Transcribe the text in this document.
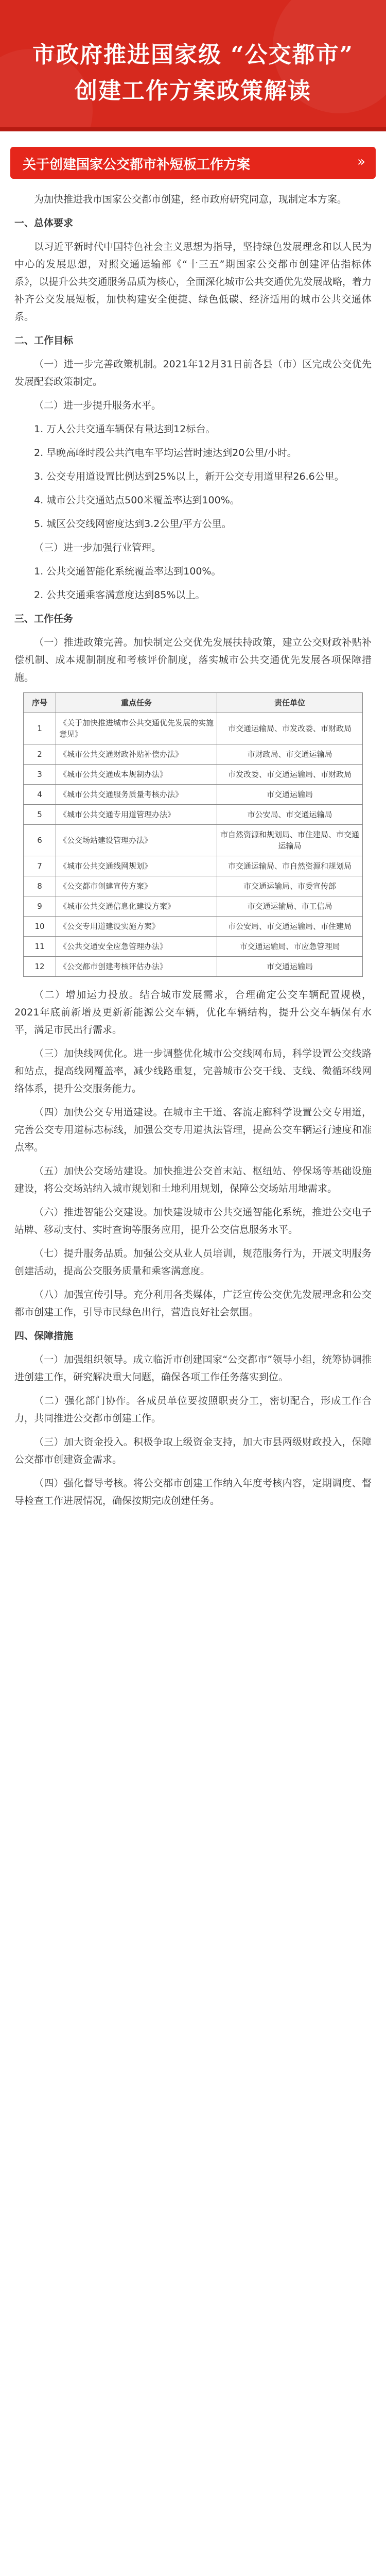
市政府推进国家级 “公交都市”
创建工作方案政策解读
关于创建国家公交都市补短板工作方案	»

为加快推进我市国家公交都市创建，经市政府研究同意，现制定本方案。

一、总体要求

以习近平新时代中国特色社会主义思想为指导，坚持绿色发展理念和以人民为中心的发展思想，对照交通运输部《“十三五”期国家公交都市创建评估指标体系》，以提升公共交通服务品质为核心，全面深化城市公共交通优先发展战略，着力补齐公交发展短板，加快构建安全便捷、绿色低碳、经济适用的城市公共交通体系。

二、工作目标

（一）进一步完善政策机制。2021年12月31日前各县（市）区完成公交优先发展配套政策制定。

（二）进一步提升服务水平。

1. 万人公共交通车辆保有量达到12标台。

2. 早晚高峰时段公共汽电车平均运营时速达到20公里/小时。

3. 公交专用道设置比例达到25%以上，新开公交专用道里程26.6公里。

4. 城市公共交通站点500米覆盖率达到100%。

5. 城区公交线网密度达到3.2公里/平方公里。

（三）进一步加强行业管理。

1. 公共交通智能化系统覆盖率达到100%。

2. 公共交通乘客满意度达到85%以上。

三、工作任务

（一）推进政策完善。加快制定公交优先发展扶持政策，建立公交财政补贴补偿机制、成本规制制度和考核评价制度，落实城市公共交通优先发展各项保障措施。

序号	重点任务	责任单位
1	《关于加快推进城市公共交通优先发展的实施意见》	市交通运输局、市发改委、市财政局
2	《城市公共交通财政补贴补偿办法》	市财政局、市交通运输局
3	《城市公共交通成本规制办法》	市发改委、市交通运输局、市财政局
4	《城市公共交通服务质量考核办法》	市交通运输局
5	《城市公共交通专用道管理办法》	市公安局、市交通运输局
6	《公交场站建设管理办法》	市自然资源和规划局、市住建局、市交通运输局
7	《城市公共交通线网规划》	市交通运输局、市自然资源和规划局
8	《公交都市创建宣传方案》	市交通运输局、市委宣传部
9	《城市公共交通信息化建设方案》	市交通运输局、市工信局
10	《公交专用道建设实施方案》	市公安局、市交通运输局、市住建局
11	《公共交通安全应急管理办法》	市交通运输局、市应急管理局
12	《公交都市创建考核评估办法》	市交通运输局

（二）增加运力投放。结合城市发展需求，合理确定公交车辆配置规模，2021年底前新增及更新新能源公交车辆，优化车辆结构，提升公交车辆保有水平，满足市民出行需求。

（三）加快线网优化。进一步调整优化城市公交线网布局，科学设置公交线路和站点，提高线网覆盖率，减少线路重复，完善城市公交干线、支线、微循环线网络体系，提升公交服务能力。

（四）加快公交专用道建设。在城市主干道、客流走廊科学设置公交专用道，完善公交专用道标志标线，加强公交专用道执法管理，提高公交车辆运行速度和准点率。

（五）加快公交场站建设。加快推进公交首末站、枢纽站、停保场等基础设施建设，将公交场站纳入城市规划和土地利用规划，保障公交场站用地需求。

（六）推进智能公交建设。加快建设城市公共交通智能化系统，推进公交电子站牌、移动支付、实时查询等服务应用，提升公交信息服务水平。

（七）提升服务品质。加强公交从业人员培训，规范服务行为，开展文明服务创建活动，提高公交服务质量和乘客满意度。

（八）加强宣传引导。充分利用各类媒体，广泛宣传公交优先发展理念和公交都市创建工作，引导市民绿色出行，营造良好社会氛围。

四、保障措施

（一）加强组织领导。成立临沂市创建国家“公交都市”领导小组，统筹协调推进创建工作，研究解决重大问题，确保各项工作任务落实到位。

（二）强化部门协作。各成员单位要按照职责分工，密切配合，形成工作合力，共同推进公交都市创建工作。

（三）加大资金投入。积极争取上级资金支持，加大市县两级财政投入，保障公交都市创建资金需求。

（四）强化督导考核。将公交都市创建工作纳入年度考核内容，定期调度、督导检查工作进展情况，确保按期完成创建任务。
